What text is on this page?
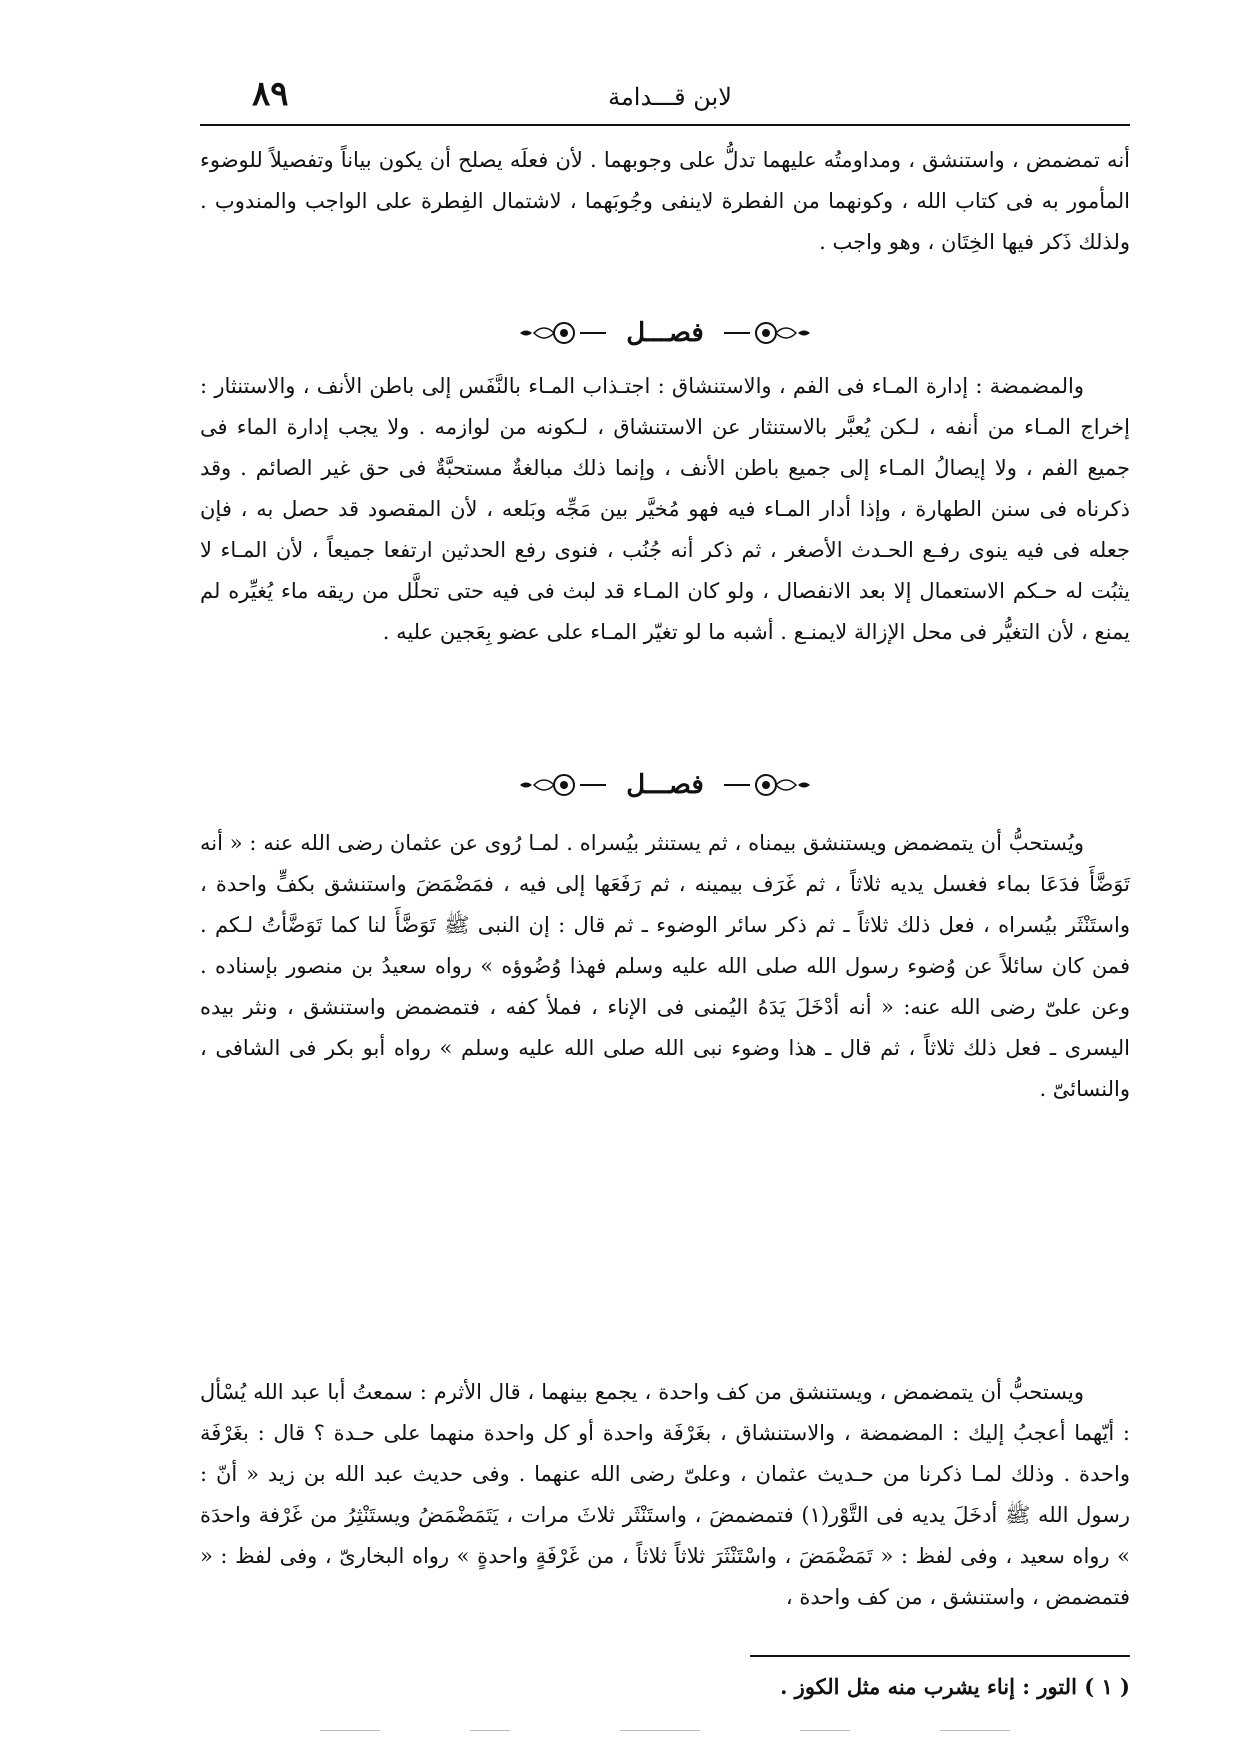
٨٩	لابن قـــدامة

أنه تمضمض ، واستنشق ، ومداومتُه عليهما تدلُّ على وجوبهما . لأن فعلَه يصلح أن يكون بياناً وتفصيلاً للوضوء المأمور به فى كتاب الله ، وكونهما من الفطرة لاينفى وجُوبَهما ، لاشتمال الفِطرة على الواجب والمندوب . ولذلك ذَكر فيها الخِتَان ، وهو واجب .

فصـــل

والمضمضة : إدارة المـاء فى الفم ، والاستنشاق : اجتـذاب المـاء بالنَّفَس إلى باطن الأنف ، والاستنثار : إخراج المـاء من أنفه ، لـكن يُعبَّر بالاستنثار عن الاستنشاق ، لـكونه من لوازمه . ولا يجب إدارة الماء فى جميع الفم ، ولا إيصالُ المـاء إلى جميع باطن الأنف ، وإنما ذلك مبالغةٌ مستحبَّةٌ فى حق غير الصائم . وقد ذكرناه فى سنن الطهارة ، وإذا أدار المـاء فيه فهو مُخيَّر بين مَجِّه وبَلعه ، لأن المقصود قد حصل به ، فإن جعله فى فيه ينوى رفـع الحـدث الأصغر ، ثم ذكر أنه جُنُب ، فنوى رفع الحدثين ارتفعا جميعاً ، لأن المـاء لا يثبُت له حـكم الاستعمال إلا بعد الانفصال ، ولو كان المـاء قد لبث فى فيه حتى تحلَّل من ريقه ماء يُغيِّره لم يمنع ، لأن التغيُّر فى محل الإزالة لايمنـع . أشبه ما لو تغيّر المـاء على عضو بِعَجين عليه .

فصـــل

ويُستحبُّ أن يتمضمض ويستنشق بيمناه ، ثم يستنثر بيُسراه . لمـا رُوى عن عثمان رضى الله عنه : « أنه تَوَضَّأَ فدَعَا بماء فغسل يديه ثلاثاً ، ثم غَرَف بيمينه ، ثم رَفَعَها إلى فيه ، فمَضْمَضَ واستنشق بكفٍّ واحدة ، واستَنْثَر بيُسراه ، فعل ذلك ثلاثاً ـ ثم ذكر سائر الوضوء ـ ثم قال : إن النبى ﷺ تَوَضَّأَ لنا كما تَوَضَّأتُ لـكم . فمن كان سائلاً عن وُضوء رسول الله صلى الله عليه وسلم فهذا وُضُوؤه » رواه سعيدُ بن منصور بإسناده . وعن علىّ رضى الله عنه: « أنه أدْخَلَ يَدَهُ اليُمنى فى الإناء ، فملأ كفه ، فتمضمض واستنشق ، ونثر بيده اليسرى ـ فعل ذلك ثلاثاً ، ثم قال ـ هذا وضوء نبى الله صلى الله عليه وسلم » رواه أبو بكر فى الشافى ، والنسائىّ .

ويستحبُّ أن يتمضمض ، ويستنشق من كف واحدة ، يجمع بينهما ، قال الأثرم : سمعتُ أبا عبد الله يُسْأل : أيّهما أعجبُ إليك : المضمضة ، والاستنشاق ، بغَرْفَة واحدة أو كل واحدة منهما على حـدة ؟ قال : بغَرْفَة واحدة . وذلك لمـا ذكرنا من حـديث عثمان ، وعلىّ رضى الله عنهما . وفى حديث عبد الله بن زيد « أنّ : رسول الله ﷺ أدخَلَ يديه فى التَّوْر(١) فتمضمضَ ، واستَنْثَر ثلاثَ مرات ، يَتَمَضْمَضُ ويستَنْثِرُ من غَرْفة واحدَة » رواه سعيد ، وفى لفظ : « تَمَضْمَضَ ، واسْتَنْثَرَ ثلاثاً ثلاثاً ، من غَرْفَةٍ واحدةٍ » رواه البخارىّ ، وفى لفظ : « فتمضمض ، واستنشق ، من كف واحدة ،

( ١ ) التور : إناء يشرب منه مثل الكوز .
